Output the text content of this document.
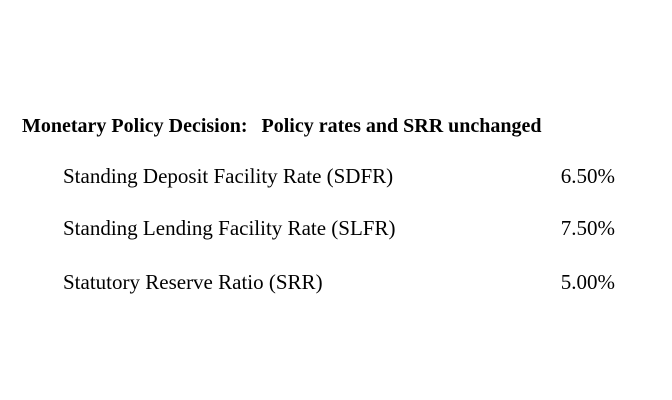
Monetary Policy Decision: Policy rates and SRR unchanged
Standing Deposit Facility Rate (SDFR)	6.50%
Standing Lending Facility Rate (SLFR)	7.50%
Statutory Reserve Ratio (SRR)	5.00%
